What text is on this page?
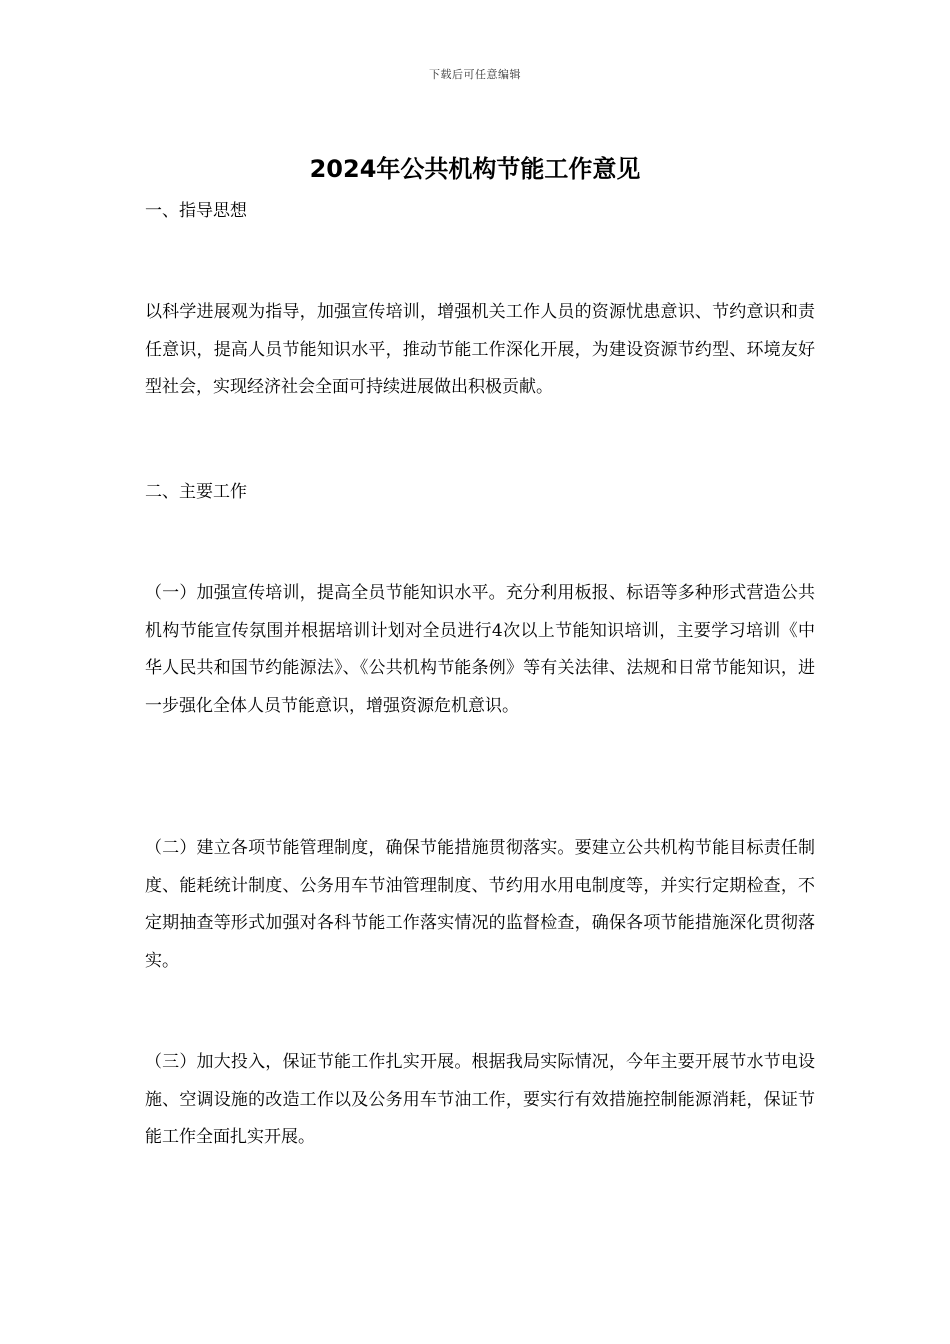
下载后可任意编辑
2024年公共机构节能工作意见

一、指导思想

以科学进展观为指导，加强宣传培训，增强机关工作人员的资源忧患意识、节约意识和责任意识，提高人员节能知识水平，推动节能工作深化开展，为建设资源节约型、环境友好型社会，实现经济社会全面可持续进展做出积极贡献。

二、主要工作

（一）加强宣传培训，提高全员节能知识水平。充分利用板报、标语等多种形式营造公共机构节能宣传氛围并根据培训计划对全员进行4次以上节能知识培训，主要学习培训《中华人民共和国节约能源法》、《公共机构节能条例》等有关法律、法规和日常节能知识，进一步强化全体人员节能意识，增强资源危机意识。

（二）建立各项节能管理制度，确保节能措施贯彻落实。要建立公共机构节能目标责任制度、能耗统计制度、公务用车节油管理制度、节约用水用电制度等，并实行定期检查，不定期抽查等形式加强对各科节能工作落实情况的监督检查，确保各项节能措施深化贯彻落实。

（三）加大投入，保证节能工作扎实开展。根据我局实际情况，今年主要开展节水节电设施、空调设施的改造工作以及公务用车节油工作，要实行有效措施控制能源消耗，保证节能工作全面扎实开展。
